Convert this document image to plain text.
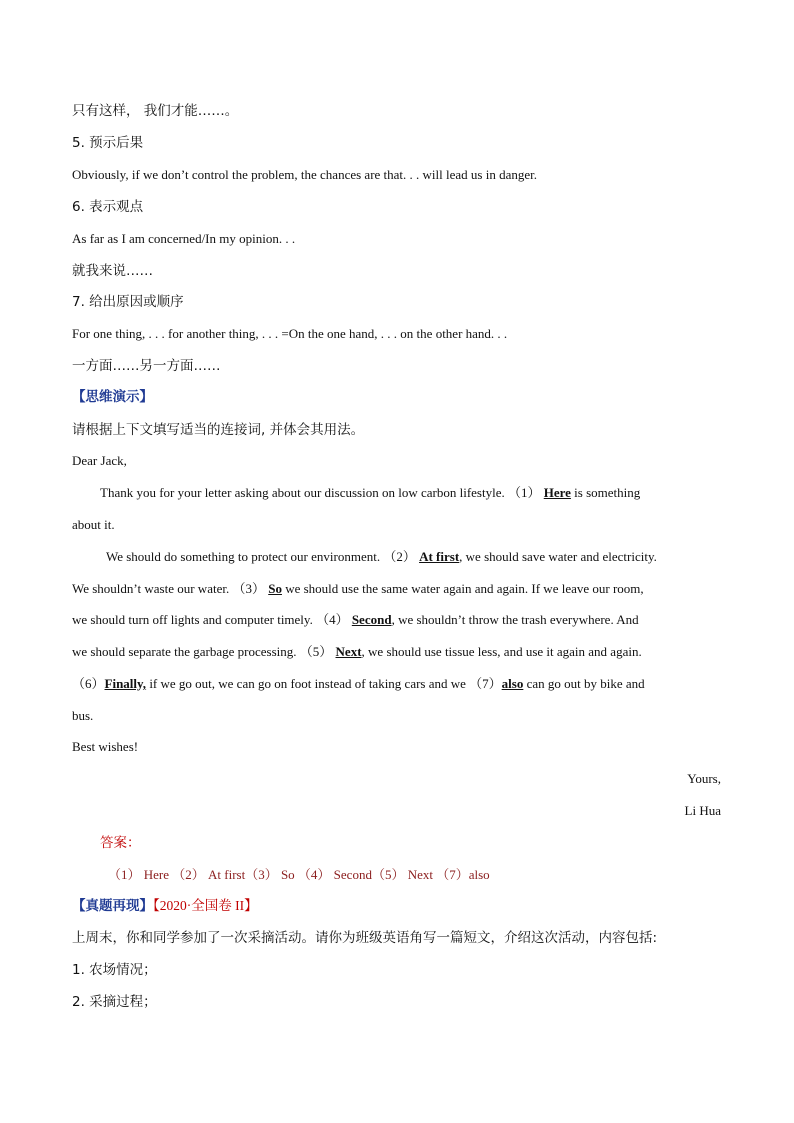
只有这样， 我们才能……。
5. 预示后果
Obviously, if we don’t control the problem, the chances are that. . . will lead us in danger.
6. 表示观点
As far as I am concerned/In my opinion. . .
就我来说……
7. 给出原因或顺序
For one thing, . . . for another thing, . . . =On the one hand, . . . on the other hand. . .
一方面……另一方面……
【思维演示】
请根据上下文填写适当的连接词, 并体会其用法。
Dear Jack,
Thank you for your letter asking about our discussion on low carbon lifestyle. （1） Here is something
about it.
We should do something to protect our environment. （2） At first, we should save water and electricity.
We shouldn’t waste our water. （3） So we should use the same water again and again. If we leave our room,
we should turn off lights and computer timely. （4） Second, we shouldn’t throw the trash everywhere. And
we should separate the garbage processing. （5） Next, we should use tissue less, and use it again and again.
（6）Finally, if we go out, we can go on foot instead of taking cars and we （7）also can go out by bike and
bus.
Best wishes!
Yours,
Li Hua
答案：
（1） Here （2） At first（3） So （4） Second（5） Next （7）also
【真题再现】【2020·全国卷 II】
上周末，你和同学参加了一次采摘活动。请你为班级英语角写一篇短文，介绍这次活动，内容包括:
1. 农场情况；
2. 采摘过程；
